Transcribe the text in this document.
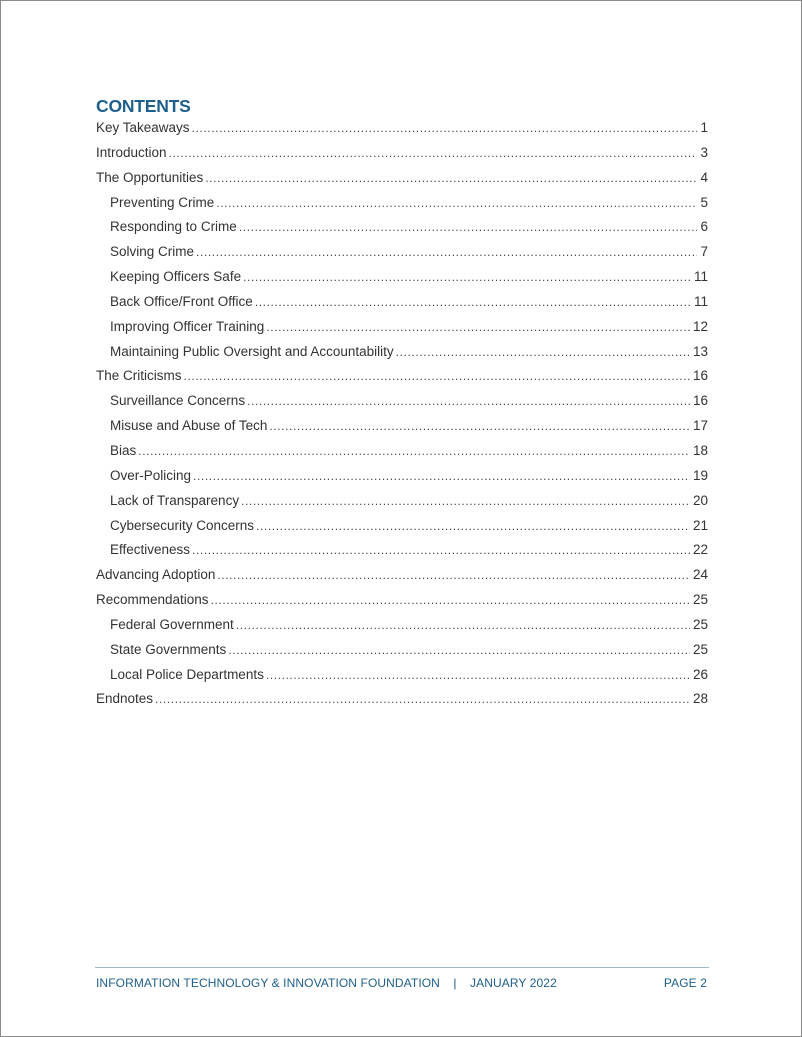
CONTENTS
Key Takeaways .....	1
Introduction .....	3
The Opportunities .....	4
Preventing Crime .....	5
Responding to Crime .....	6
Solving Crime .....	7
Keeping Officers Safe .....	11
Back Office/Front Office .....	11
Improving Officer Training .....	12
Maintaining Public Oversight and Accountability .....	13
The Criticisms .....	16
Surveillance Concerns .....	16
Misuse and Abuse of Tech .....	17
Bias .....	18
Over-Policing .....	19
Lack of Transparency .....	20
Cybersecurity Concerns .....	21
Effectiveness .....	22
Advancing Adoption .....	24
Recommendations .....	25
Federal Government .....	25
State Governments .....	25
Local Police Departments .....	26
Endnotes .....	28
INFORMATION TECHNOLOGY & INNOVATION FOUNDATION | JANUARY 2022	PAGE 2
